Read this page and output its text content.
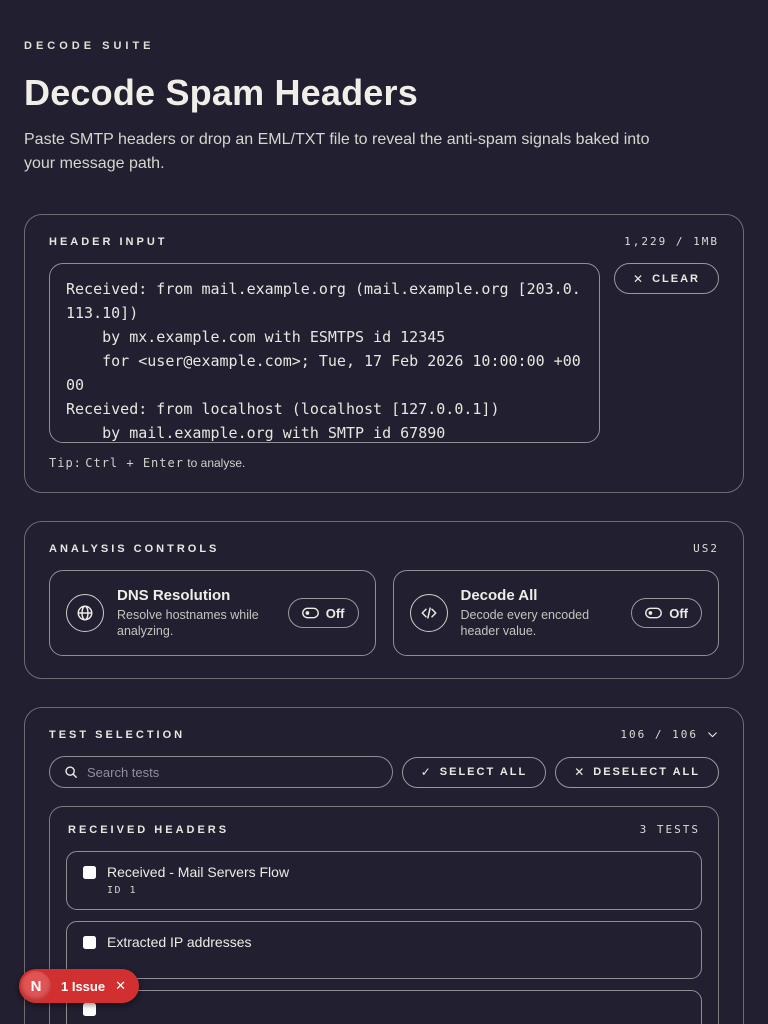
DECODE SUITE
Decode Spam Headers

Paste SMTP headers or drop an EML/TXT file to reveal the anti-spam signals baked into your message path.

HEADER INPUT	1,229 / 1MB
Received: from mail.example.org (mail.example.org [203.0.113.10]) by mx.example.com with ESMTPS id 12345 for <user@example.com>; Tue, 17 Feb 2026 10:00:00 +0000 Received: from localhost (localhost [127.0.0.1]) by mail.example.org with SMTP id 67890
✕ CLEAR
Tip: Ctrl + Enter to analyse.
ANALYSIS CONTROLS	US2
DNS Resolution
Resolve hostnames while analyzing.
Off
Decode All
Decode every encoded header value.
Off
TEST SELECTION	106 / 106
Search tests
✓ SELECT ALL	✕ DESELECT ALL
RECEIVED HEADERS	3 TESTS
Received - Mail Servers Flow
ID 1
Extracted IP addresses
N 1 Issue ✕
